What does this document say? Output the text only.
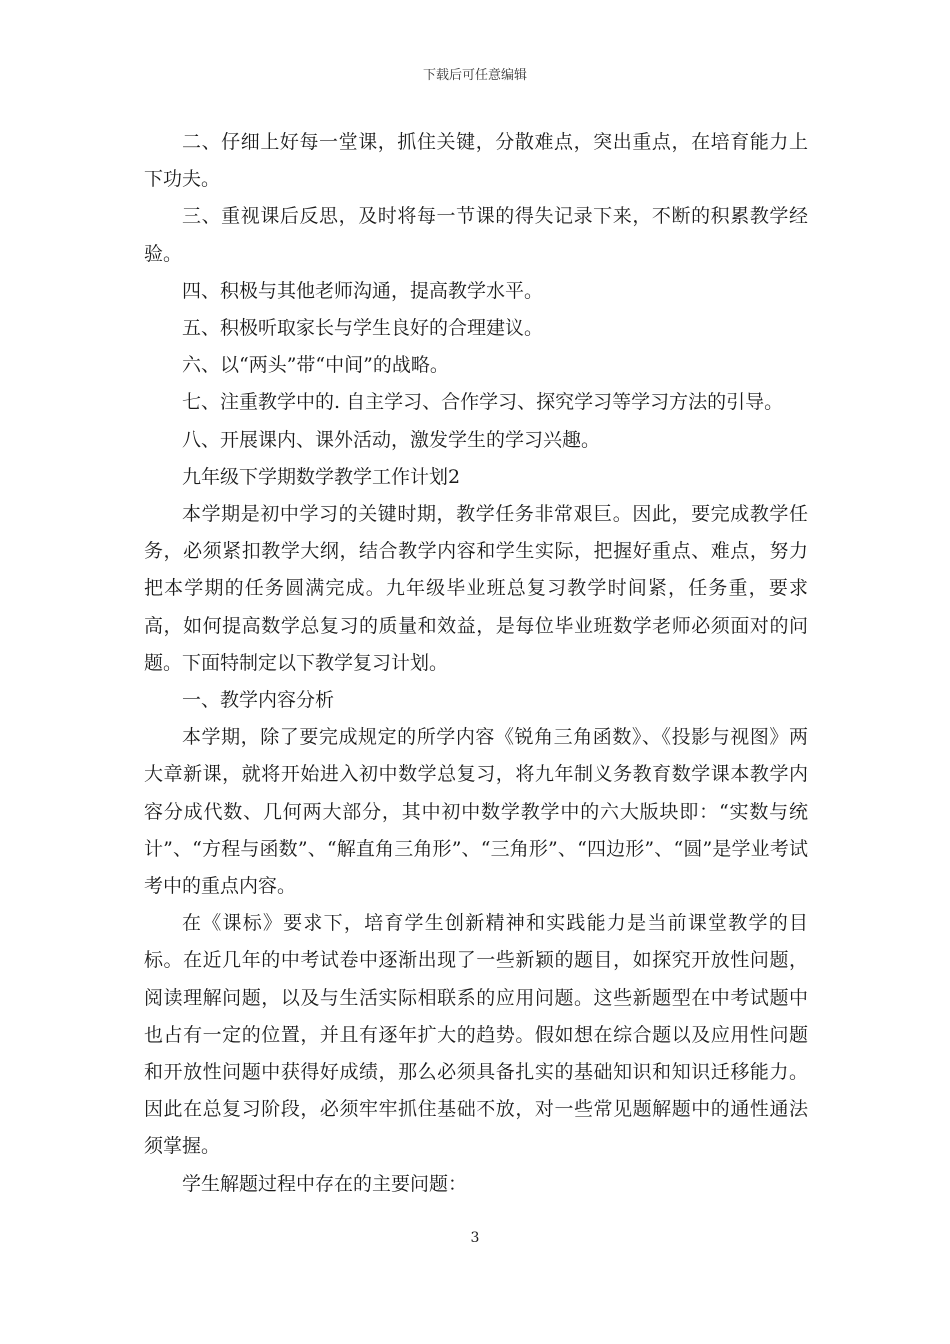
下载后可任意编辑

二、仔细上好每一堂课，抓住关键，分散难点，突出重点，在培育能力上下功夫。

三、重视课后反思，及时将每一节课的得失记录下来，不断的积累教学经验。

四、积极与其他老师沟通，提高教学水平。

五、积极听取家长与学生良好的合理建议。

六、以“两头”带“中间”的战略。

七、注重教学中的. 自主学习、合作学习、探究学习等学习方法的引导。

八、开展课内、课外活动，激发学生的学习兴趣。

九年级下学期数学教学工作计划2

本学期是初中学习的关键时期，教学任务非常艰巨。因此，要完成教学任务，必须紧扣教学大纲，结合教学内容和学生实际，把握好重点、难点，努力把本学期的任务圆满完成。九年级毕业班总复习教学时间紧，任务重，要求高，如何提高数学总复习的质量和效益，是每位毕业班数学老师必须面对的问题。下面特制定以下教学复习计划。

一、教学内容分析

本学期，除了要完成规定的所学内容《锐角三角函数》、《投影与视图》两大章新课，就将开始进入初中数学总复习，将九年制义务教育数学课本教学内容分成代数、几何两大部分，其中初中数学教学中的六大版块即：“实数与统计”、“方程与函数”、“解直角三角形”、“三角形”、“四边形”、“圆”是学业考试考中的重点内容。

在《课标》要求下，培育学生创新精神和实践能力是当前课堂教学的目标。在近几年的中考试卷中逐渐出现了一些新颖的题目，如探究开放性问题，阅读理解问题，以及与生活实际相联系的应用问题。这些新题型在中考试题中也占有一定的位置，并且有逐年扩大的趋势。假如想在综合题以及应用性问题和开放性问题中获得好成绩，那么必须具备扎实的基础知识和知识迁移能力。因此在总复习阶段，必须牢牢抓住基础不放，对一些常见题解题中的通性通法须掌握。

学生解题过程中存在的主要问题：

3
